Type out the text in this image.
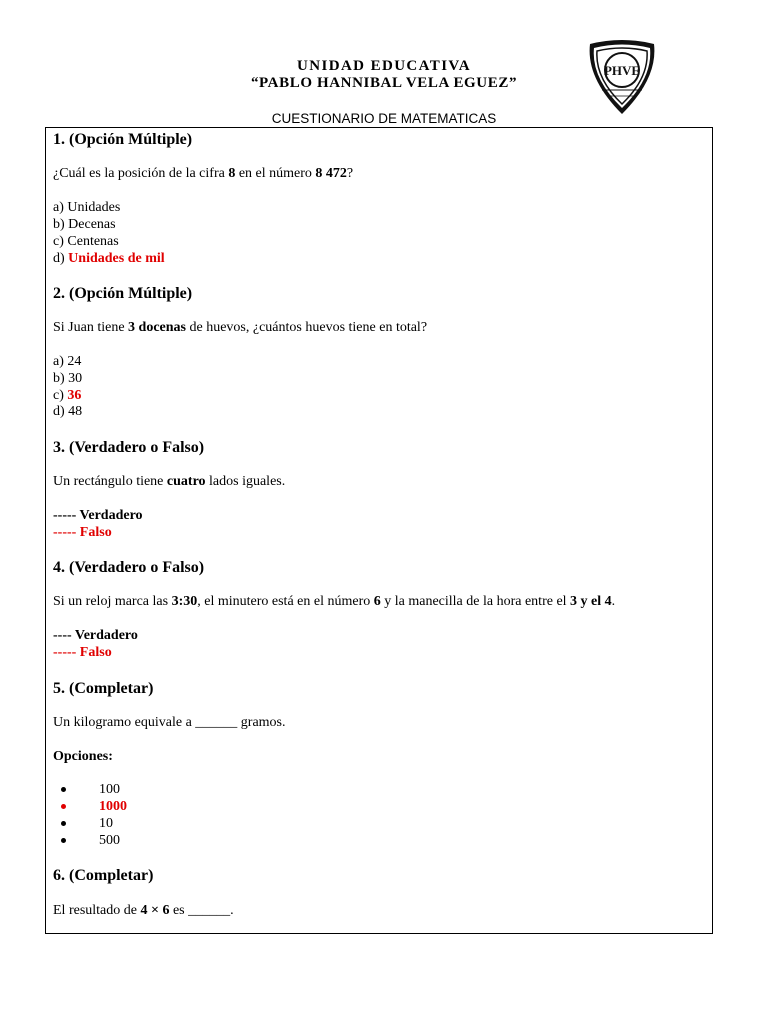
UNIDAD EDUCATIVA
“PABLO HANNIBAL VELA EGUEZ”
CUESTIONARIO DE MATEMATICAS
PHVE
1. (Opción Múltiple)
¿Cuál es la posición de la cifra 8 en el número 8 472?
a) Unidades
b) Decenas
c) Centenas
d) Unidades de mil
2. (Opción Múltiple)
Si Juan tiene 3 docenas de huevos, ¿cuántos huevos tiene en total?
a) 24
b) 30
c) 36
d) 48
3. (Verdadero o Falso)
Un rectángulo tiene cuatro lados iguales.
----- Verdadero
----- Falso
4. (Verdadero o Falso)
Si un reloj marca las 3:30, el minutero está en el número 6 y la manecilla de la hora entre el 3 y el 4.
---- Verdadero
----- Falso
5. (Completar)
Un kilogramo equivale a ______ gramos.
Opciones:
100
1000
10
500
6. (Completar)
El resultado de 4 × 6 es ______.
